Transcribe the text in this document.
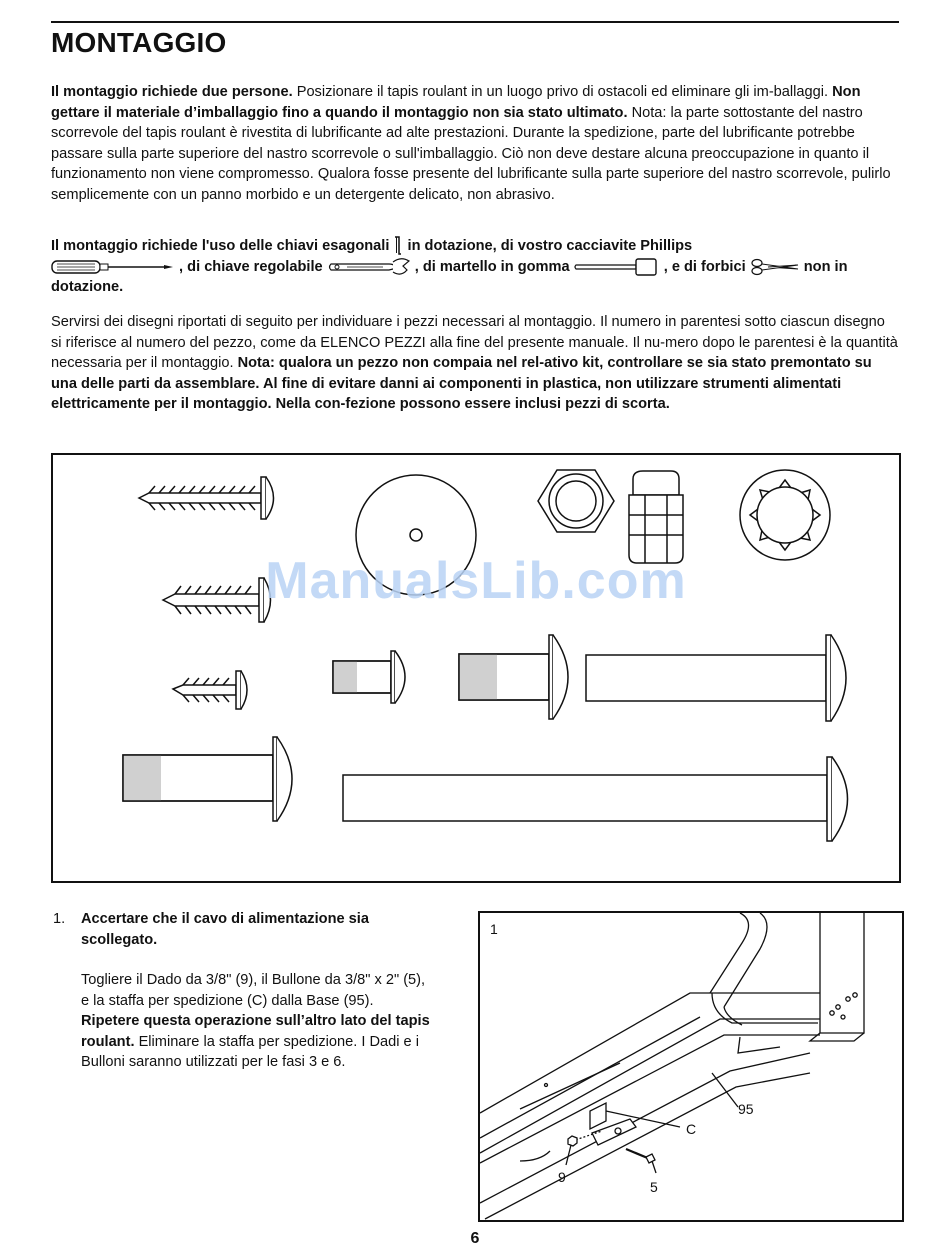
MONTAGGIO

Il montaggio richiede due persone. Posizionare il tapis roulant in un luogo privo di ostacoli ed eliminare gli im-ballaggi. Non gettare il materiale d’imballaggio fino a quando il montaggio non sia stato ultimato. Nota: la parte sottostante del nastro scorrevole del tapis roulant è rivestita di lubrificante ad alte prestazioni. Durante la spedizione, parte del lubrificante potrebbe passare sulla parte superiore del nastro scorrevole o sull'imballaggio. Ciò non deve destare alcuna preoccupazione in quanto il funzionamento non viene compromesso. Qualora fosse presente del lubrificante sulla parte superiore del nastro scorrevole, pulirlo semplicemente con un panno morbido e un detergente delicato, non abrasivo.

Il montaggio richiede l'uso delle chiavi esagonali
in dotazione, di vostro cacciavite Phillips

, di chiave regolabile	, di martello in gomma	, e di forbici	non in dotazione.

Servirsi dei disegni riportati di seguito per individuare i pezzi necessari al montaggio. Il numero in parentesi sotto ciascun disegno si riferisce al numero del pezzo, come da ELENCO PEZZI alla fine del presente manuale. Il nu-mero dopo le parentesi è la quantità necessaria per il montaggio. Nota: qualora un pezzo non compaia nel rel-ativo kit, controllare se sia stato premontato su una delle parti da assemblare. Al fine di evitare danni ai componenti in plastica, non utilizzare strumenti alimentati elettricamente per il montaggio. Nella con-fezione possono essere inclusi pezzi di scorta.

ManualsLib.com
1. Accertare che il cavo di alimentazione sia scollegato.

Togliere il Dado da 3/8" (9), il Bullone da 3/8" x 2" (5), e la staffa per spedizione (C) dalla Base (95). Ripetere questa operazione sull’altro lato del tapis roulant. Eliminare la staffa per spedizione. I Dadi e i Bulloni saranno utilizzati per le fasi 3 e 6.

1
95
C
9
5
6
